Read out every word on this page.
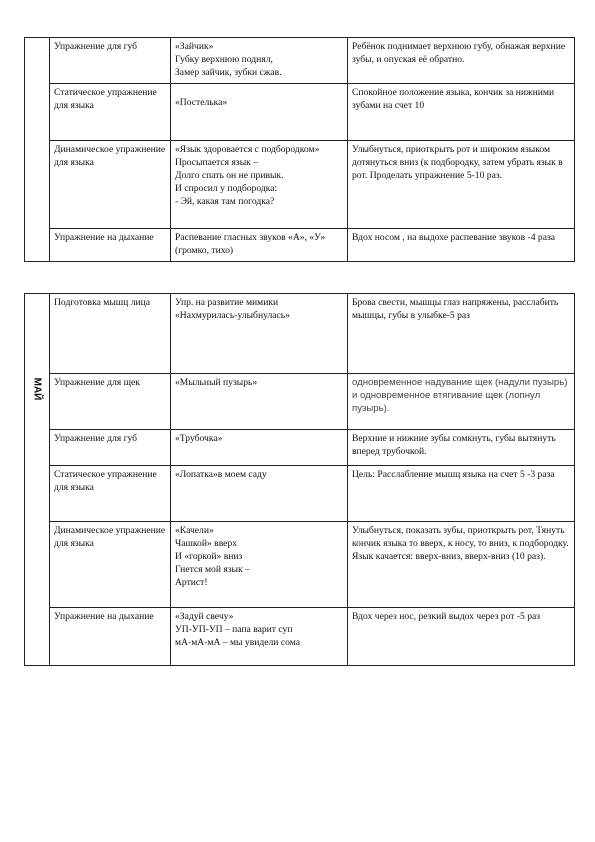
	Упражнение для губ	«Зайчик»
Губку верхнюю поднял,
Замер зайчик, зубки сжав.	Ребёнок поднимает верхнюю губу, обнажая верхние зубы, и опуская её обратно.
	Статическое упражнение для языка	«Постелька»	Спокойное положение языка, кончик за нижними зубами на счет 10
	Динамическое упражнение для языка	«Язык здоровается с подбородком»
Просыпается язык –
Долго спать он не привык.
И спросил у подбородка:
- Эй, какая там погодка?	Улыбнуться, приоткрыть рот и широким языком дотянуться вниз (к подбородку, затем убрать язык в рот. Проделать упражнение 5-10 раз.
	Упражнение на дыхание	Распевание гласных звуков «А», «У» (громко, тихо)	Вдох носом , на выдохе распевание звуков -4 раза
МАЙ	Подготовка мышц лица	Упр. на развитие мимики
«Нахмурилась-улыбнулась»	Брова свести, мышцы глаз напряжены, расслабить мышцы, губы в улыбке-5 раз
	Упражнение для щек	«Мыльный пузырь»	одновременное надувание щек (надули пузырь) и одновременное втягивание щек (лопнул пузырь).
	Упражнение для губ	«Трубочка»	Верхние и нижние зубы сомкнуть, губы вытянуть вперед трубочкой.
	Статическое упражнение для языка	«Лопатка»в моем саду	Цель: Расслабление мышц языка на счет 5 -3 раза
	Динамическое упражнение для языка	«Качели»
Чашкой» вверх
И «горкой» вниз
Гнется мой язык –
Артист!	Улыбнуться, показать зубы, приоткрыть рот, Тянуть кончик языка то вверх, к носу, то вниз, к подбородку. Язык качается: вверх-вниз, вверх-вниз (10 раз).
	Упражнение на дыхание	«Задуй свечу»
УП-УП-УП – папа варит суп
мА-мА-мА – мы увидели сома	Вдох через нос, резкий выдох через рот -5 раз
